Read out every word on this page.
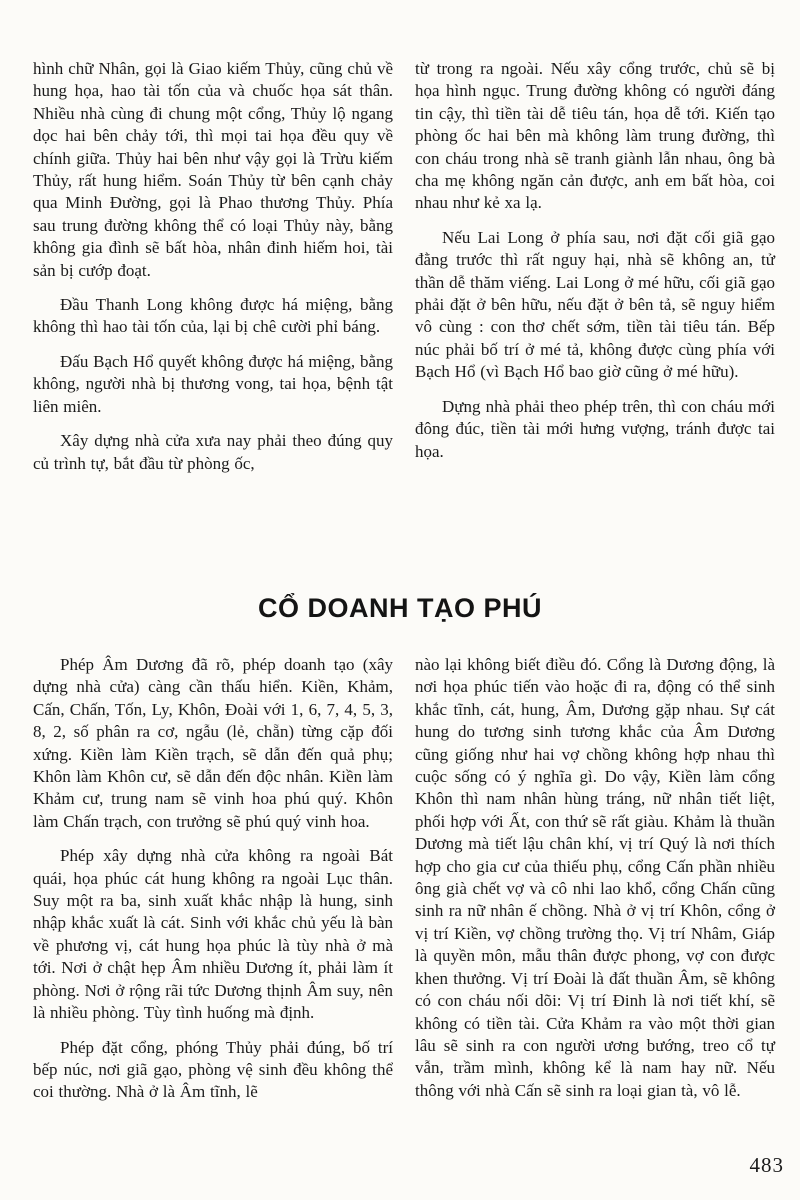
hình chữ Nhân, gọi là Giao kiếm Thủy, cũng chủ về hung họa, hao tài tốn của và chuốc họa sát thân. Nhiều nhà cùng đi chung một cổng, Thủy lộ ngang dọc hai bên chảy tới, thì mọi tai họa đều quy về chính giữa. Thủy hai bên như vậy gọi là Trừu kiếm Thủy, rất hung hiểm. Soán Thủy từ bên cạnh chảy qua Minh Đường, gọi là Phao thương Thủy. Phía sau trung đường không thể có loại Thủy này, bằng không gia đình sẽ bất hòa, nhân đinh hiếm hoi, tài sản bị cướp đoạt.

Đầu Thanh Long không được há miệng, bằng không thì hao tài tốn của, lại bị chê cười phỉ báng.

Đấu Bạch Hổ quyết không được há miệng, bằng không, người nhà bị thương vong, tai họa, bệnh tật liên miên.

Xây dựng nhà cửa xưa nay phải theo đúng quy củ trình tự, bắt đầu từ phòng ốc,

từ trong ra ngoài. Nếu xây cổng trước, chủ sẽ bị họa hình ngục. Trung đường không có người đáng tin cậy, thì tiền tài dễ tiêu tán, họa dễ tới. Kiến tạo phòng ốc hai bên mà không làm trung đường, thì con cháu trong nhà sẽ tranh giành lẫn nhau, ông bà cha mẹ không ngăn cản được, anh em bất hòa, coi nhau như kẻ xa lạ.

Nếu Lai Long ở phía sau, nơi đặt cối giã gạo đằng trước thì rất nguy hại, nhà sẽ không an, tử thần dễ thăm viếng. Lai Long ở mé hữu, cối giã gạo phải đặt ở bên hữu, nếu đặt ở bên tả, sẽ nguy hiểm vô cùng : con thơ chết sớm, tiền tài tiêu tán. Bếp núc phải bố trí ở mé tả, không được cùng phía với Bạch Hổ (vì Bạch Hổ bao giờ cũng ở mé hữu).

Dựng nhà phải theo phép trên, thì con cháu mới đông đúc, tiền tài mới hưng vượng, tránh được tai họa.

CỔ DOANH TẠO PHÚ

Phép Âm Dương đã rõ, phép doanh tạo (xây dựng nhà cửa) càng cần thấu hiển. Kiền, Khảm, Cấn, Chấn, Tốn, Ly, Khôn, Đoài với 1, 6, 7, 4, 5, 3, 8, 2, số phân ra cơ, ngẫu (lẻ, chẵn) từng cặp đối xứng. Kiền làm Kiền trạch, sẽ dẫn đến quả phụ; Khôn làm Khôn cư, sẽ dẫn đến độc nhân. Kiền làm Khảm cư, trung nam sẽ vinh hoa phú quý. Khôn làm Chấn trạch, con trưởng sẽ phú quý vinh hoa.

Phép xây dựng nhà cửa không ra ngoài Bát quái, họa phúc cát hung không ra ngoài Lục thân. Suy một ra ba, sinh xuất khắc nhập là hung, sinh nhập khắc xuất là cát. Sinh với khắc chủ yếu là bàn về phương vị, cát hung họa phúc là tùy nhà ở mà tới. Nơi ở chật hẹp Âm nhiều Dương ít, phải làm ít phòng. Nơi ở rộng rãi tức Dương thịnh Âm suy, nên là nhiều phòng. Tùy tình huống mà định.

Phép đặt cổng, phóng Thủy phải đúng, bố trí bếp núc, nơi giã gạo, phòng vệ sinh đều không thể coi thường. Nhà ở là Âm tĩnh, lẽ

nào lại không biết điều đó. Cổng là Dương động, là nơi họa phúc tiến vào hoặc đi ra, động có thể sinh khắc tĩnh, cát, hung, Âm, Dương gặp nhau. Sự cát hung do tương sinh tương khắc của Âm Dương cũng giống như hai vợ chồng không hợp nhau thì cuộc sống có ý nghĩa gì. Do vậy, Kiền làm cổng Khôn thì nam nhân hùng tráng, nữ nhân tiết liệt, phối hợp với Ất, con thứ sẽ rất giàu. Khảm là thuần Dương mà tiết lậu chân khí, vị trí Quý là nơi thích hợp cho gia cư của thiếu phụ, cổng Cấn phần nhiều ông già chết vợ và cô nhi lao khổ, cổng Chấn cũng sinh ra nữ nhân ế chồng. Nhà ở vị trí Khôn, cổng ở vị trí Kiền, vợ chồng trường thọ. Vị trí Nhâm, Giáp là quyền môn, mẫu thân được phong, vợ con được khen thưởng. Vị trí Đoài là đất thuần Âm, sẽ không có con cháu nối dõi: Vị trí Đinh là nơi tiết khí, sẽ không có tiền tài. Cửa Khảm ra vào một thời gian lâu sẽ sinh ra con người ương bướng, treo cổ tự vẫn, trầm mình, không kể là nam hay nữ. Nếu thông với nhà Cấn sẽ sinh ra loại gian tà, vô lễ.

483
